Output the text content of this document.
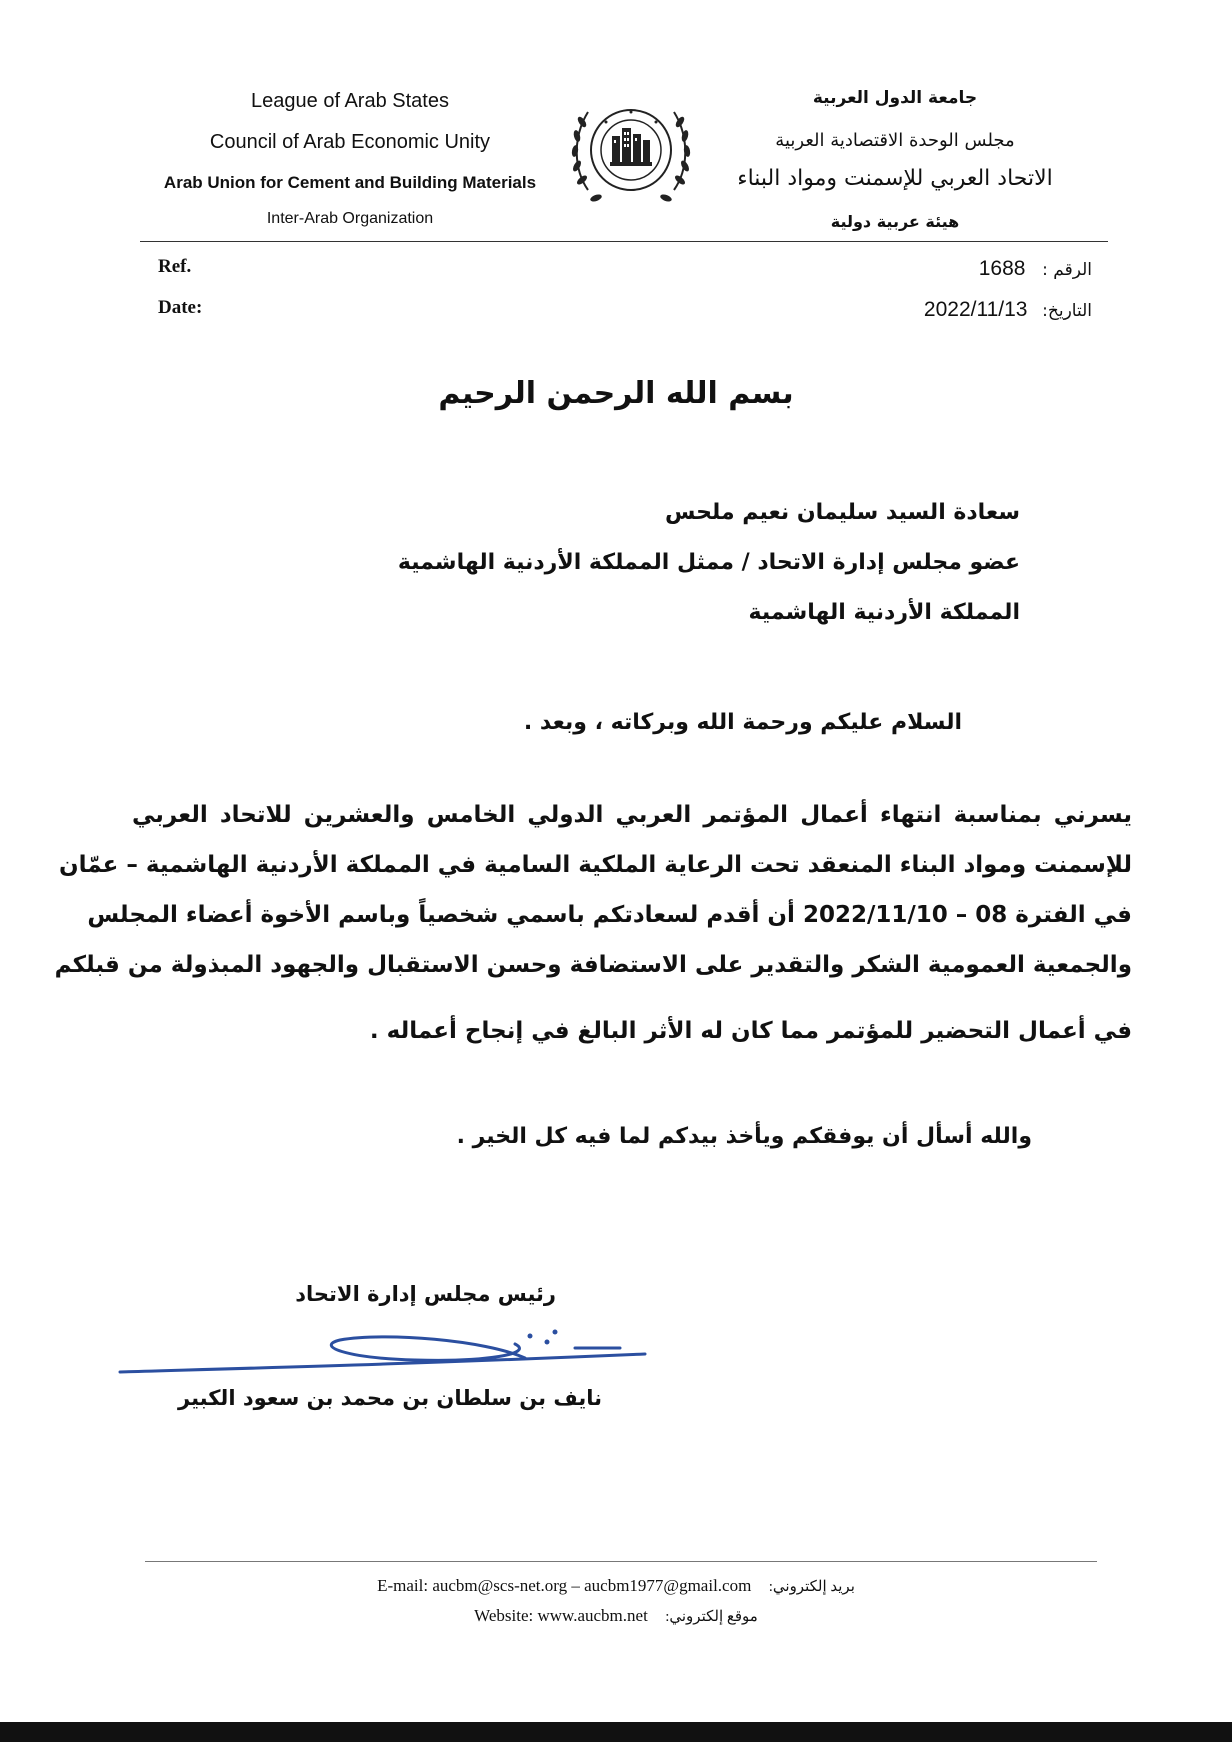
League of Arab States
Council of Arab Economic Unity
Arab Union for Cement and Building Materials
Inter-Arab Organization
جامعة الدول العربية
مجلس الوحدة الاقتصادية العربية
الاتحاد العربي للإسمنت ومواد البناء
هيئة عربية دولية
Ref.
Date:
الرقم : 1688
التاريخ: 2022/11/13
بسم الله الرحمن الرحيم
سعادة السيد سليمان نعيم ملحس
عضو مجلس إدارة الاتحاد / ممثل المملكة الأردنية الهاشمية
المملكة الأردنية الهاشمية
السلام عليكم ورحمة الله وبركاته ، وبعد .
يسرني بمناسبة انتهاء أعمال المؤتمر العربي الدولي الخامس والعشرين للاتحاد العربي
للإسمنت ومواد البناء المنعقد تحت الرعاية الملكية السامية في المملكة الأردنية الهاشمية – عمّان
في الفترة 08 – 2022/11/10 أن أقدم لسعادتكم باسمي شخصياً وباسم الأخوة أعضاء المجلس
والجمعية العمومية الشكر والتقدير على الاستضافة وحسن الاستقبال والجهود المبذولة من قبلكم
في أعمال التحضير للمؤتمر مما كان له الأثر البالغ في إنجاح أعماله .
والله أسأل أن يوفقكم ويأخذ بيدكم لما فيه كل الخير .
رئيس مجلس إدارة الاتحاد
نايف بن سلطان بن محمد بن سعود الكبير
E-mail: aucbm@scs-net.org – aucbm1977@gmail.com بريد إلكتروني:
Website: www.aucbm.net موقع إلكتروني:
